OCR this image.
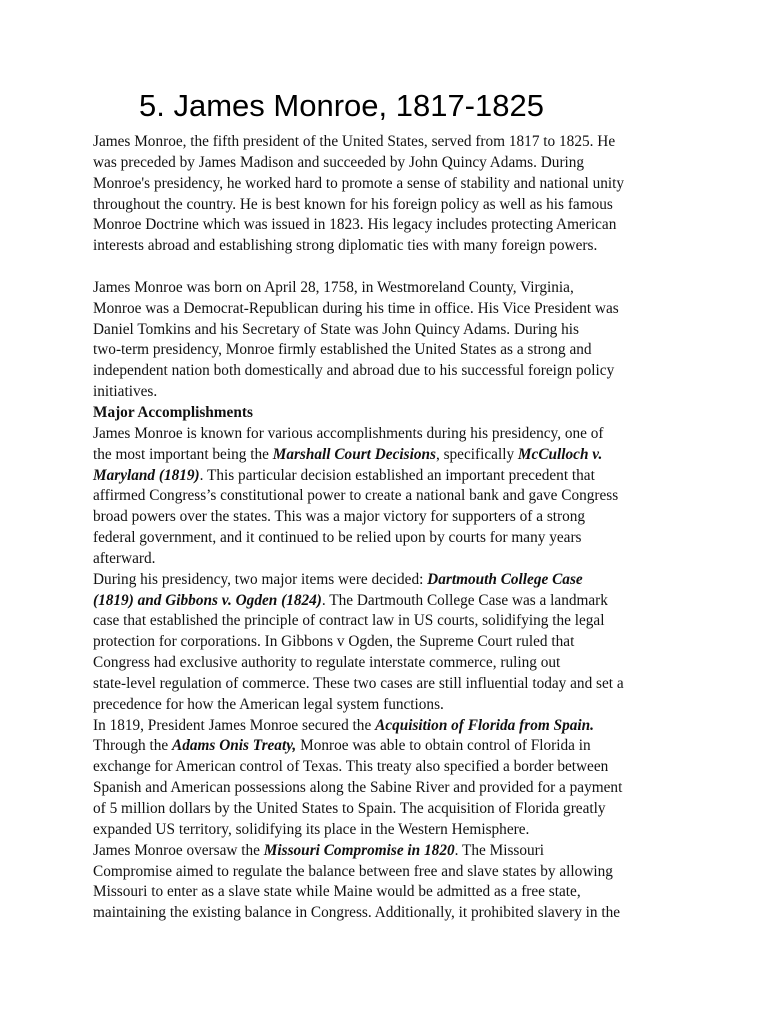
5. James Monroe, 1817-1825
James Monroe, the fifth president of the United States, served from 1817 to 1825. He
was preceded by James Madison and succeeded by John Quincy Adams. During
Monroe's presidency, he worked hard to promote a sense of stability and national unity
throughout the country. He is best known for his foreign policy as well as his famous
Monroe Doctrine which was issued in 1823. His legacy includes protecting American
interests abroad and establishing strong diplomatic ties with many foreign powers.
James Monroe was born on April 28, 1758, in Westmoreland County, Virginia,
Monroe was a Democrat-Republican during his time in office. His Vice President was
Daniel Tomkins and his Secretary of State was John Quincy Adams. During his
two-term presidency, Monroe firmly established the United States as a strong and
independent nation both domestically and abroad due to his successful foreign policy
initiatives.
Major Accomplishments
James Monroe is known for various accomplishments during his presidency, one of
the most important being the Marshall Court Decisions, specifically McCulloch v.
Maryland (1819). This particular decision established an important precedent that
affirmed Congress’s constitutional power to create a national bank and gave Congress
broad powers over the states. This was a major victory for supporters of a strong
federal government, and it continued to be relied upon by courts for many years
afterward.
During his presidency, two major items were decided: Dartmouth College Case
(1819) and Gibbons v. Ogden (1824). The Dartmouth College Case was a landmark
case that established the principle of contract law in US courts, solidifying the legal
protection for corporations. In Gibbons v Ogden, the Supreme Court ruled that
Congress had exclusive authority to regulate interstate commerce, ruling out
state-level regulation of commerce. These two cases are still influential today and set a
precedence for how the American legal system functions.
In 1819, President James Monroe secured the Acquisition of Florida from Spain.
Through the Adams Onis Treaty, Monroe was able to obtain control of Florida in
exchange for American control of Texas. This treaty also specified a border between
Spanish and American possessions along the Sabine River and provided for a payment
of 5 million dollars by the United States to Spain. The acquisition of Florida greatly
expanded US territory, solidifying its place in the Western Hemisphere.
James Monroe oversaw the Missouri Compromise in 1820. The Missouri
Compromise aimed to regulate the balance between free and slave states by allowing
Missouri to enter as a slave state while Maine would be admitted as a free state,
maintaining the existing balance in Congress. Additionally, it prohibited slavery in the
